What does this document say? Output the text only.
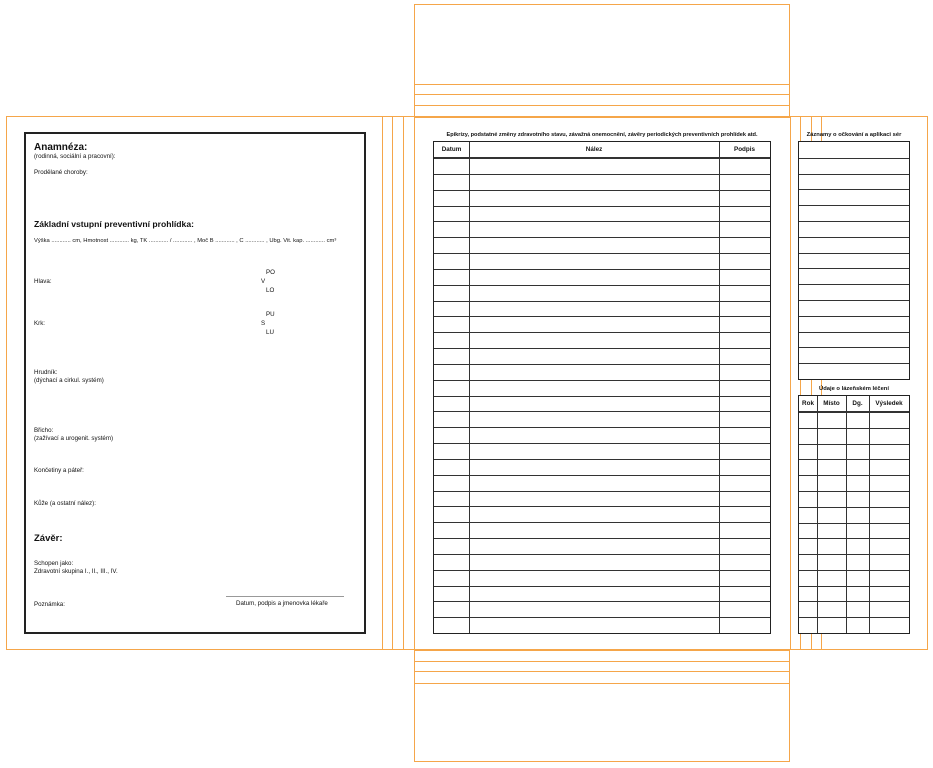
Anamnéza:
(rodinná, sociální a pracovní):
Prodělané choroby:
Základní vstupní preventivní prohlídka:
Výška ............ cm, Hmotnost ............ kg, TK ............ / ............ , Moč B ............ , C ............ , Ubg. Vit. kap. ............ cm³
Hlava:
PO
V
LO
Krk:
PU
S
LU
Hrudník:
(dýchací a cirkul. systém)
Břicho:
(zažívací a urogenit. systém)
Končetiny a páteř:
Kůže (a ostatní nález):
Závěr:
Schopen jako:
Zdravotní skupina I., II., III., IV.
Poznámka:	Datum, podpis a jmenovka lékaře
Epikrízy, podstatné změny zdravotního stavu, závažná onemocnění, závěry periodických preventivních prohlídek atd.
Datum	Nález	Podpis
Záznamy o očkování a aplikaci sér
Údaje o lázeňském léčení
Rok	Místo	Dg.	Výsledek
